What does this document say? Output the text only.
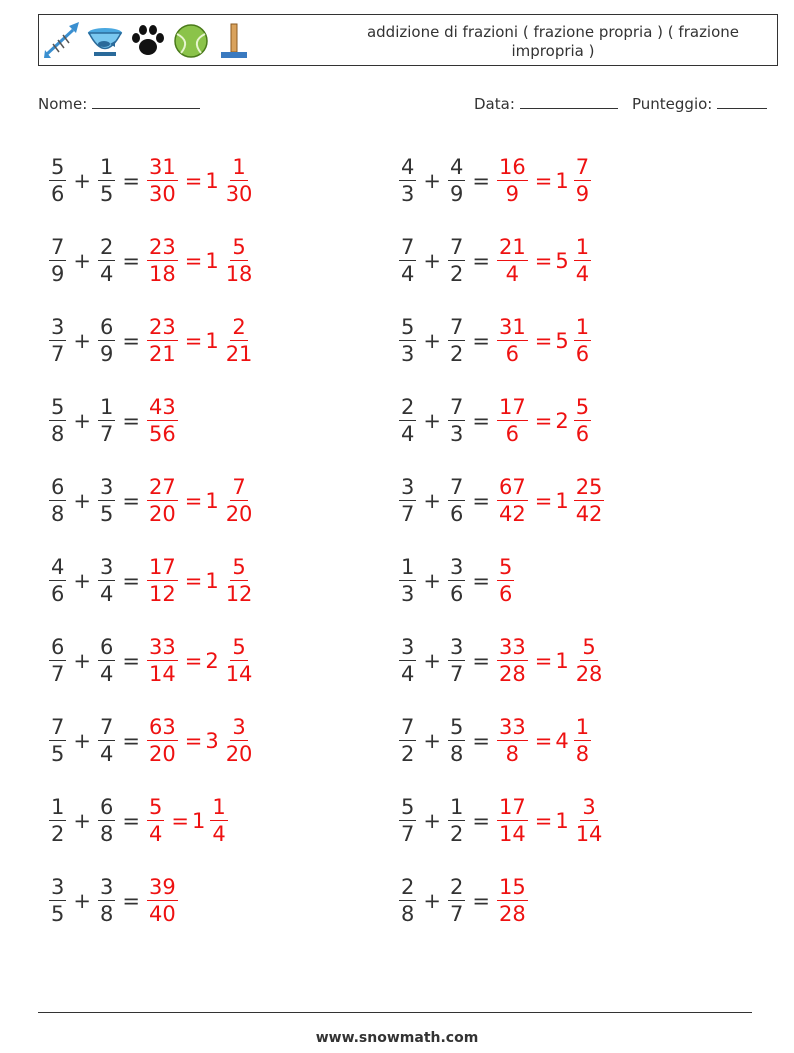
addizione di frazioni ( frazione propria ) ( frazione impropria )
Nome:	Data:	Punteggio:
$\frac{5}{6} + \frac{1}{5} = \frac{31}{30} = 1 \frac{1}{30}$
$\frac{7}{9} + \frac{2}{4} = \frac{23}{18} = 1 \frac{5}{18}$
$\frac{3}{7} + \frac{6}{9} = \frac{23}{21} = 1 \frac{2}{21}$
$\frac{5}{8} + \frac{1}{7} = \frac{43}{56}$
$\frac{6}{8} + \frac{3}{5} = \frac{27}{20} = 1 \frac{7}{20}$
$\frac{4}{6} + \frac{3}{4} = \frac{17}{12} = 1 \frac{5}{12}$
$\frac{6}{7} + \frac{6}{4} = \frac{33}{14} = 2 \frac{5}{14}$
$\frac{7}{5} + \frac{7}{4} = \frac{63}{20} = 3 \frac{3}{20}$
$\frac{1}{2} + \frac{6}{8} = \frac{5}{4} = 1 \frac{1}{4}$
$\frac{3}{5} + \frac{3}{8} = \frac{39}{40}$
$\frac{4}{3} + \frac{4}{9} = \frac{16}{9} = 1 \frac{7}{9}$
$\frac{7}{4} + \frac{7}{2} = \frac{21}{4} = 5 \frac{1}{4}$
$\frac{5}{3} + \frac{7}{2} = \frac{31}{6} = 5 \frac{1}{6}$
$\frac{2}{4} + \frac{7}{3} = \frac{17}{6} = 2 \frac{5}{6}$
$\frac{3}{7} + \frac{7}{6} = \frac{67}{42} = 1 \frac{25}{42}$
$\frac{1}{3} + \frac{3}{6} = \frac{5}{6}$
$\frac{3}{4} + \frac{3}{7} = \frac{33}{28} = 1 \frac{5}{28}$
$\frac{7}{2} + \frac{5}{8} = \frac{33}{8} = 4 \frac{1}{8}$
$\frac{5}{7} + \frac{1}{2} = \frac{17}{14} = 1 \frac{3}{14}$
$\frac{2}{8} + \frac{2}{7} = \frac{15}{28}$
www.snowmath.com
